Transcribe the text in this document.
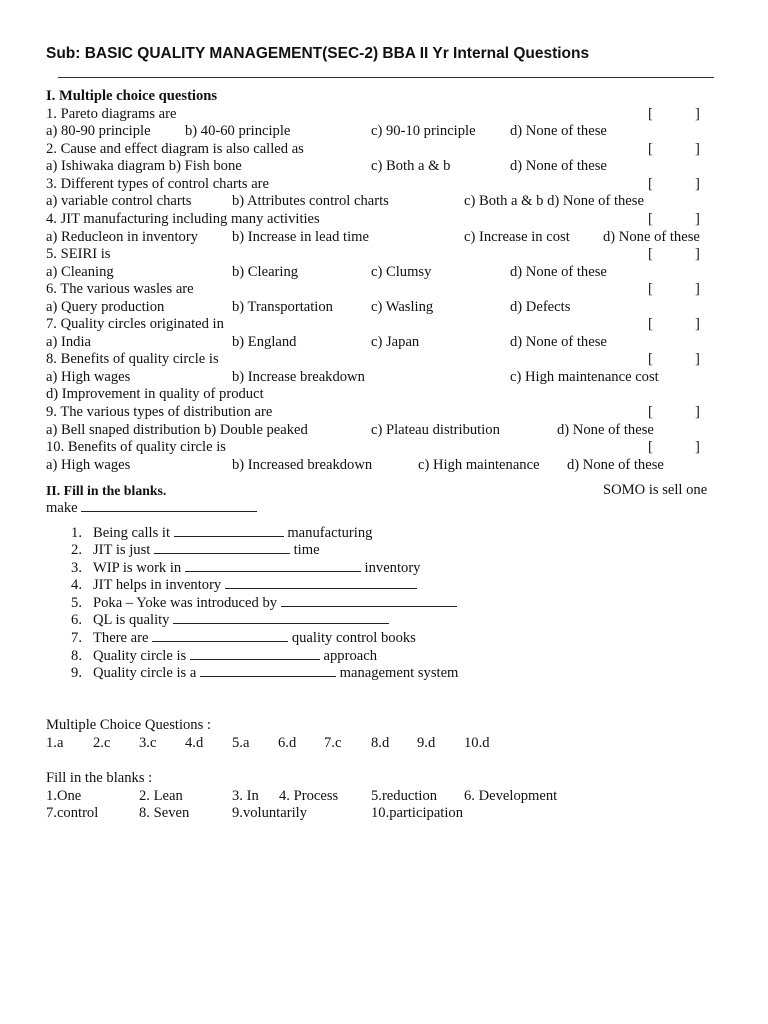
Sub: BASIC QUALITY MANAGEMENT(SEC-2) BBA II Yr Internal Questions
I. Multiple choice questions
1. Pareto diagrams are	[	]
a) 80-90 principle b) 40-60 principle	c) 90-10 principle d) None of these
2. Cause and effect diagram is also called as	[	]
a) Ishiwaka diagram b) Fish bone	c) Both a & b	d) None of these
3. Different types of control charts are	[	]
a) variable control charts	b) Attributes control charts	c) Both a & b d) None of these
4. JIT manufacturing including many activities	[	]
a) Reducleon in inventory b) Increase in lead time	c) Increase in cost d) None of these
5. SEIRI is	[	]
a) Cleaning	b) Clearing	c) Clumsy	d) None of these
6. The various wasles are	[	]
a) Query production	b) Transportation	c) Wasling	d) Defects
7. Quality circles originated in	[	]
a) India	b) England	c) Japan	d) None of these
8. Benefits of quality circle is	[	]
a) High wages	b) Increase breakdown	c) High maintenance cost
d) Improvement in quality of product
9. The various types of distribution are	[	]
a) Bell snaped distribution b) Double peaked	c) Plateau distribution	d) None of these
10. Benefits of quality circle is	[	]
a) High wages	b) Increased breakdown	c) High maintenance d) None of these
II. Fill in the blanks.	SOMO is sell one
make
1. Being calls it	manufacturing
2. JIT is just	time
3. WIP is work in	inventory
4. JIT helps in inventory
5. Poka – Yoke was introduced by
6. QL is quality
7. There are	quality control books
8. Quality circle is	approach
9. Quality circle is a	management system
Multiple Choice Questions :
1.a 2.c 3.c 4.d 5.a 6.d 7.c 8.d 9.d 10.d
Fill in the blanks :
1.One	2. Lean	3. In 4. Process 5.reduction 6. Development
7.control	8. Seven	9.voluntarily	10.participation
